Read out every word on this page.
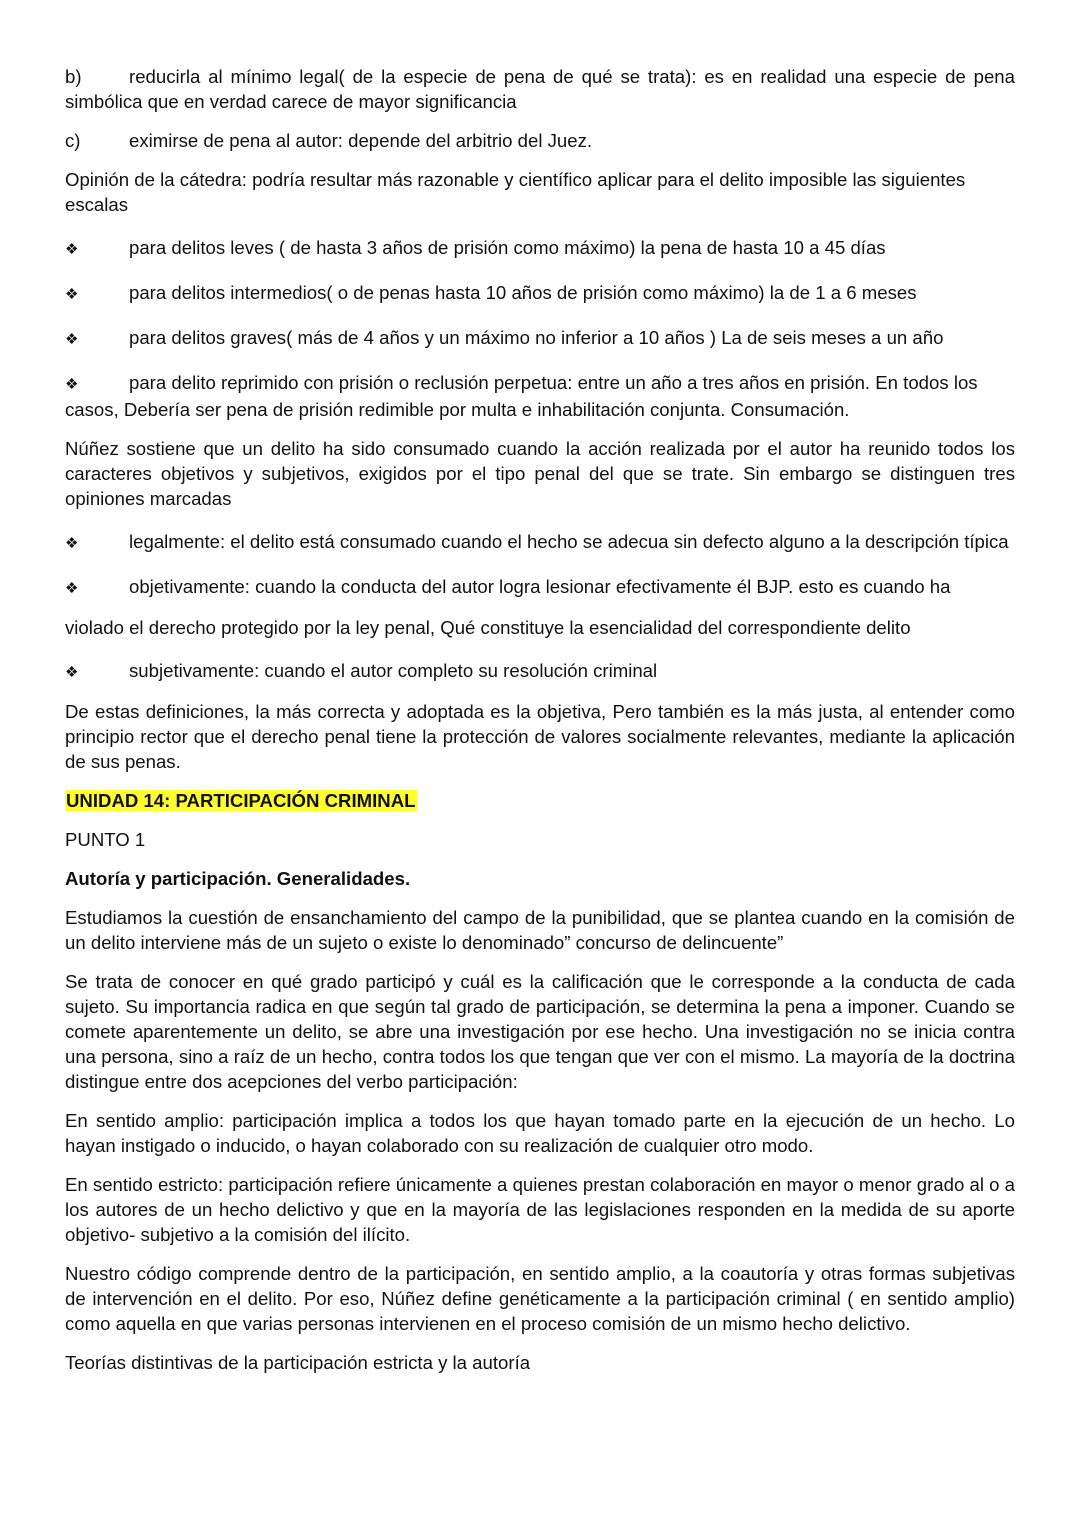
b)	reducirla al mínimo legal( de la especie de pena de qué se trata): es en realidad una especie de pena simbólica que en verdad carece de mayor significancia

c)	eximirse de pena al autor: depende del arbitrio del Juez.

Opinión de la cátedra: podría resultar más razonable y científico aplicar para el delito imposible las siguientes escalas

❖	para delitos leves ( de hasta 3 años de prisión como máximo) la pena de hasta 10 a 45 días

❖	para delitos intermedios( o de penas hasta 10 años de prisión como máximo) la de 1 a 6 meses

❖	para delitos graves( más de 4 años y un máximo no inferior a 10 años ) La de seis meses a un año

❖	para delito reprimido con prisión o reclusión perpetua: entre un año a tres años en prisión. En todos los casos, Debería ser pena de prisión redimible por multa e inhabilitación conjunta. Consumación.

Núñez sostiene que un delito ha sido consumado cuando la acción realizada por el autor ha reunido todos los caracteres objetivos y subjetivos, exigidos por el tipo penal del que se trate. Sin embargo se distinguen tres opiniones marcadas

❖	legalmente: el delito está consumado cuando el hecho se adecua sin defecto alguno a la descripción típica

❖	objetivamente: cuando la conducta del autor logra lesionar efectivamente él BJP. esto es cuando ha

violado el derecho protegido por la ley penal, Qué constituye la esencialidad del correspondiente delito

❖	subjetivamente: cuando el autor completo su resolución criminal

De estas definiciones, la más correcta y adoptada es la objetiva, Pero también es la más justa, al entender como principio rector que el derecho penal tiene la protección de valores socialmente relevantes, mediante la aplicación de sus penas.

UNIDAD 14: PARTICIPACIÓN CRIMINAL

PUNTO 1

Autoría y participación. Generalidades.

Estudiamos la cuestión de ensanchamiento del campo de la punibilidad, que se plantea cuando en la comisión de un delito interviene más de un sujeto o existe lo denominado” concurso de delincuente”

Se trata de conocer en qué grado participó y cuál es la calificación que le corresponde a la conducta de cada sujeto. Su importancia radica en que según tal grado de participación, se determina la pena a imponer. Cuando se comete aparentemente un delito, se abre una investigación por ese hecho. Una investigación no se inicia contra una persona, sino a raíz de un hecho, contra todos los que tengan que ver con el mismo. La mayoría de la doctrina distingue entre dos acepciones del verbo participación:

En sentido amplio: participación implica a todos los que hayan tomado parte en la ejecución de un hecho. Lo hayan instigado o inducido, o hayan colaborado con su realización de cualquier otro modo.

En sentido estricto: participación refiere únicamente a quienes prestan colaboración en mayor o menor grado al o a los autores de un hecho delictivo y que en la mayoría de las legislaciones responden en la medida de su aporte objetivo- subjetivo a la comisión del ilícito.

Nuestro código comprende dentro de la participación, en sentido amplio, a la coautoría y otras formas subjetivas de intervención en el delito. Por eso, Núñez define genéticamente a la participación criminal ( en sentido amplio) como aquella en que varias personas intervienen en el proceso comisión de un mismo hecho delictivo.

Teorías distintivas de la participación estricta y la autoría
